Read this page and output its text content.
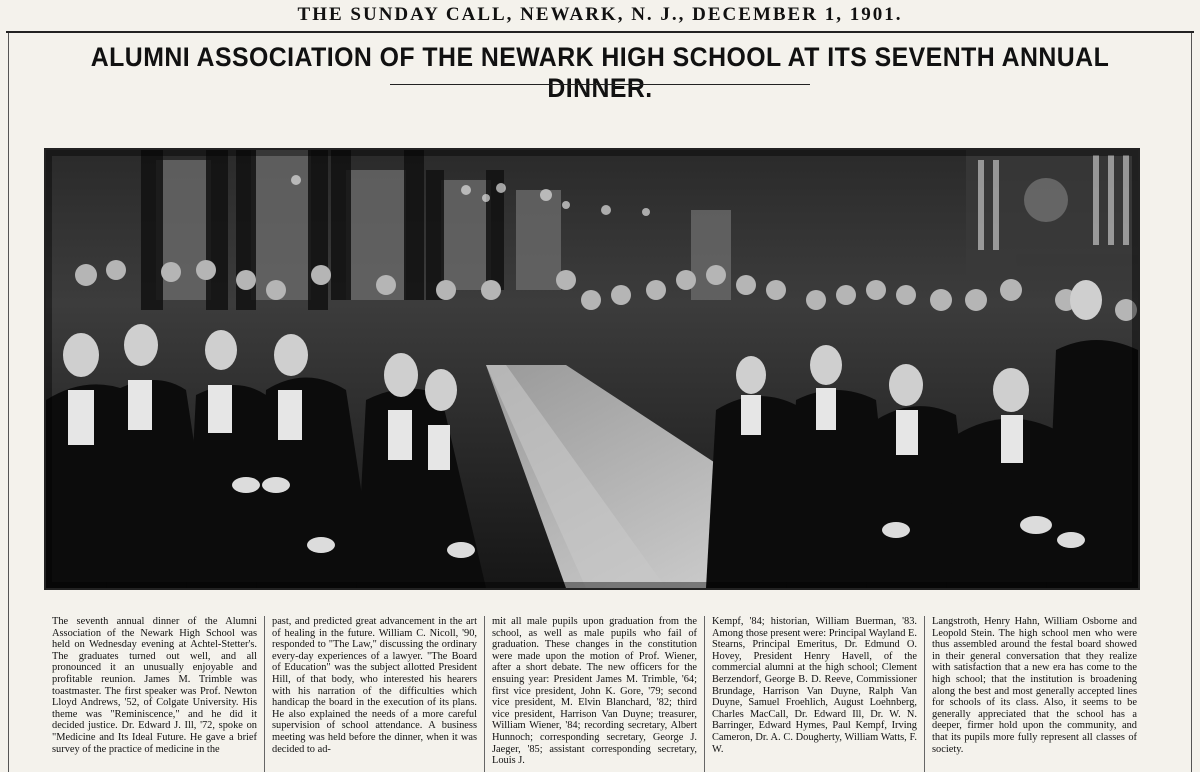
THE SUNDAY CALL, NEWARK, N. J., DECEMBER 1, 1901.
ALUMNI ASSOCIATION OF THE NEWARK HIGH SCHOOL AT ITS SEVENTH ANNUAL DINNER.
The seventh annual dinner of the Alumni Association of the Newark High School was held on Wednesday evening at Achtel-Stetter's. The graduates turned out well, and all pronounced it an unusually enjoyable and profitable reunion. James M. Trimble was toastmaster. The first speaker was Prof. Newton Lloyd Andrews, '52, of Colgate University. His theme was "Reminiscence," and he did it decided justice. Dr. Edward J. Ill, '72, spoke on "Medicine and Its Ideal Future. He gave a brief survey of the practice of medicine in the
past, and predicted great advancement in the art of healing in the future. William C. Nicoll, '90, responded to "The Law," discussing the ordinary every-day experiences of a lawyer. "The Board of Education" was the subject allotted President Hill, of that body, who interested his hearers with his narration of the difficulties which handicap the board in the execution of its plans. He also explained the needs of a more careful supervision of school attendance. A business meeting was held before the dinner, when it was decided to ad-
mit all male pupils upon graduation from the school, as well as male pupils who fail of graduation. These changes in the constitution were made upon the motion of Prof. Wiener, after a short debate. The new officers for the ensuing year: President James M. Trimble, '64; first vice president, John K. Gore, '79; second vice president, M. Elvin Blanchard, '82; third vice president, Harrison Van Duyne; treasurer, William Wiener, '84; recording secretary, Albert Hunnoch; corresponding secretary, George J. Jaeger, '85; assistant corresponding secretary, Louis J.
Kempf, '84; historian, William Buerman, '83. Among those present were: Principal Wayland E. Stearns, Principal Emeritus, Dr. Edmund O. Hovey, President Henry Havell, of the commercial alumni at the high school; Clement Berzendorf, George B. D. Reeve, Commissioner Brundage, Harrison Van Duyne, Ralph Van Duyne, Samuel Froehlich, August Loehnberg, Charles MacCall, Dr. Edward Ill, Dr. W. N. Barringer, Edward Hymes, Paul Kempf, Irving Cameron, Dr. A. C. Dougherty, William Watts, F. W.
Langstroth, Henry Hahn, William Osborne and Leopold Stein. The high school men who were thus assembled around the festal board showed in their general conversation that they realize with satisfaction that a new era has come to the high school; that the institution is broadening along the best and most generally accepted lines for schools of its class. Also, it seems to be generally appreciated that the school has a deeper, firmer hold upon the community, and that its pupils more fully represent all classes of society.
